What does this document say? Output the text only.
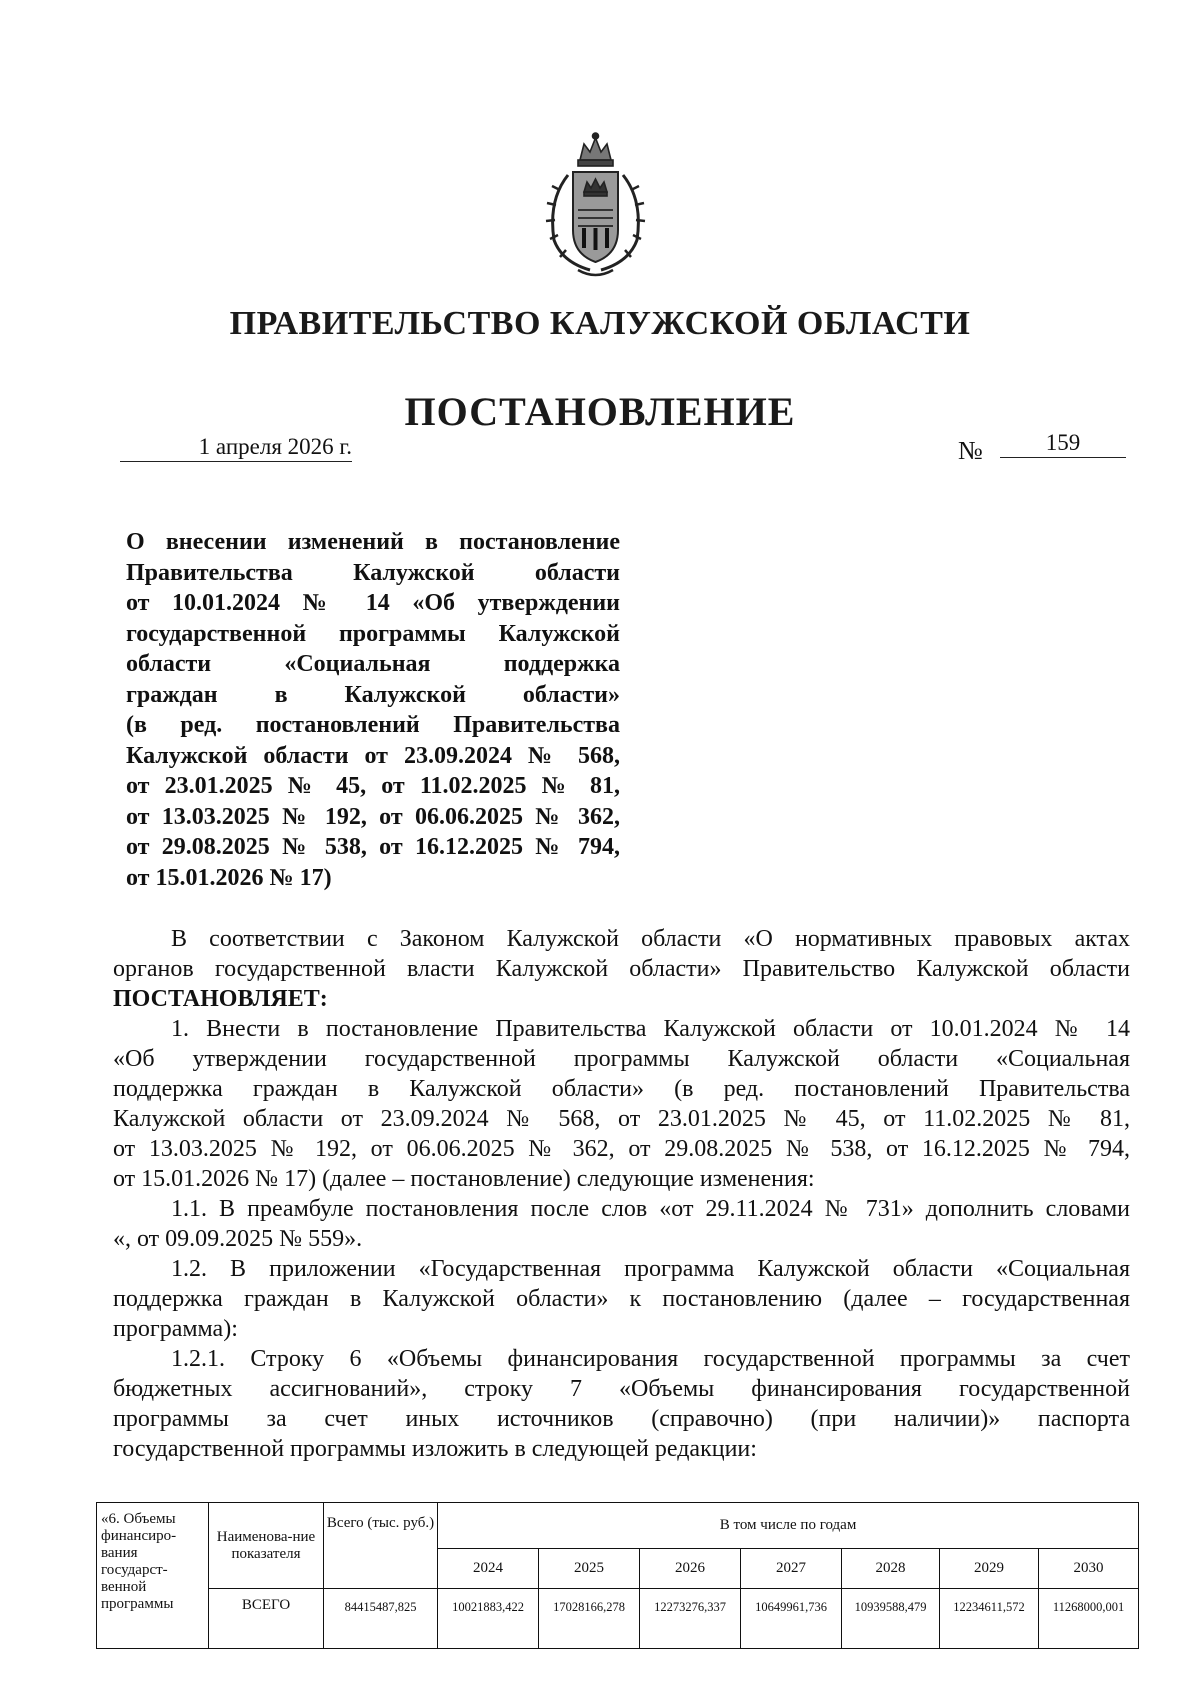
ПРАВИТЕЛЬСТВО КАЛУЖСКОЙ ОБЛАСТИ
ПОСТАНОВЛЕНИЕ
1 апреля 2026 г.	№	159
О внесении изменений в постановление
Правительства Калужской области
от 10.01.2024 № 14 «Об утверждении
государственной программы Калужской
области «Социальная поддержка
граждан в Калужской области»
(в ред. постановлений Правительства
Калужской области от 23.09.2024 № 568,
от 23.01.2025 № 45, от 11.02.2025 № 81,
от 13.03.2025 № 192, от 06.06.2025 № 362,
от 29.08.2025 № 538, от 16.12.2025 № 794,
от 15.01.2026 № 17)
В соответствии с Законом Калужской области «О нормативных правовых актах
органов государственной власти Калужской области» Правительство Калужской области
ПОСТАНОВЛЯЕТ:
1. Внести в постановление Правительства Калужской области от 10.01.2024 № 14
«Об утверждении государственной программы Калужской области «Социальная
поддержка граждан в Калужской области» (в ред. постановлений Правительства
Калужской области от 23.09.2024 № 568, от 23.01.2025 № 45, от 11.02.2025 № 81,
от 13.03.2025 № 192, от 06.06.2025 № 362, от 29.08.2025 № 538, от 16.12.2025 № 794,
от 15.01.2026 № 17) (далее – постановление) следующие изменения:
1.1. В преамбуле постановления после слов «от 29.11.2024 № 731» дополнить словами
«, от 09.09.2025 № 559».
1.2. В приложении «Государственная программа Калужской области «Социальная
поддержка граждан в Калужской области» к постановлению (далее – государственная
программа):
1.2.1. Строку 6 «Объемы финансирования государственной программы за счет
бюджетных ассигнований», строку 7 «Объемы финансирования государственной
программы за счет иных источников (справочно) (при наличии)» паспорта
государственной программы изложить в следующей редакции:
«6. Объемы финансиро-вания государст-венной программы	Наименова-ние показателя	Всего (тыс. руб.)	В том числе по годам						
			2024	2025	2026	2027	2028	2029	2030
	ВСЕГО	84415487,825	10021883,422	17028166,278	12273276,337	10649961,736	10939588,479	12234611,572	11268000,001
